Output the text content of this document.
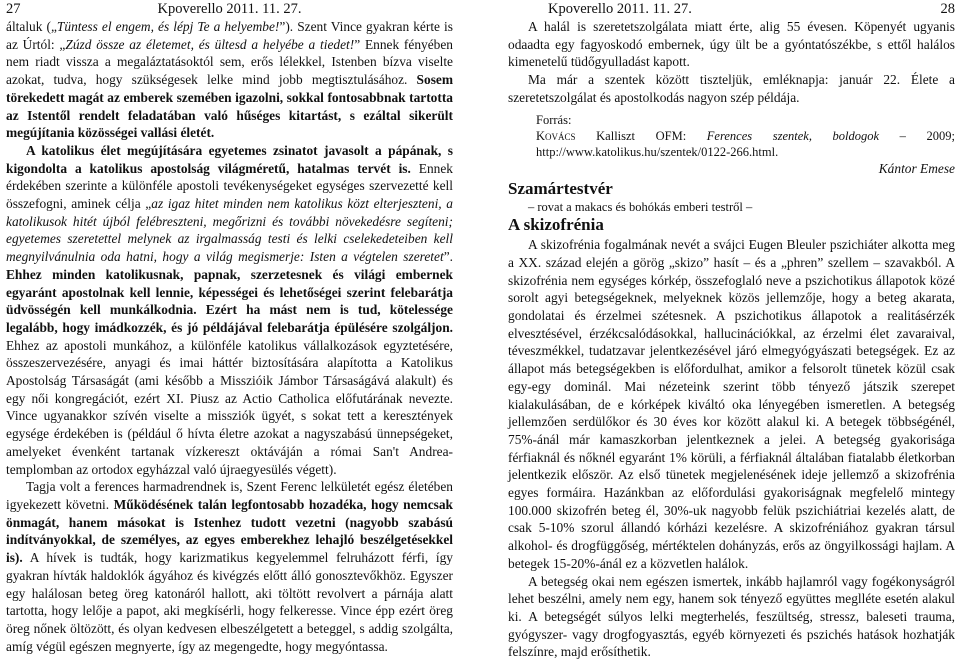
27	Kpoverello 2011. 11. 27.

általuk („Tüntess el engem, és lépj Te a helyembe!”). Szent Vince gyakran kérte is az Úrtól: „Zúzd össze az életemet, és ültesd a helyébe a tiedet!” Ennek fényében nem riadt vissza a megaláztatásoktól sem, erős lélekkel, Istenben bízva viselte azokat, tudva, hogy szükségesek lelke mind jobb megtisztulásához. Sosem törekedett magát az emberek szemében igazolni, sokkal fontosabbnak tartotta az Istentől rendelt feladatában való hűséges kitartást, s ezáltal sikerült megújítania közösségei vallási életét.

A katolikus élet megújítására egyetemes zsinatot javasolt a pápának, s kigondolta a katolikus apostolság világméretű, hatalmas tervét is. Ennek érdekében szerinte a különféle apostoli tevékenységeket egységes szervezetté kell összefogni, aminek célja „az igaz hitet minden nem katolikus közt elterjeszteni, a katolikusok hitét újból felébreszteni, megőrizni és további növekedésre segíteni; egyetemes szeretettel melynek az irgalmasság testi és lelki cselekedeteiben kell megnyilvánulnia oda hatni, hogy a világ megismerje: Isten a végtelen szeretet”. Ehhez minden katolikusnak, papnak, szerzetesnek és világi embernek egyaránt apostolnak kell lennie, képességei és lehetőségei szerint felebarátja üdvösségén kell munkálkodnia. Ezért ha mást nem is tud, kötelessége legalább, hogy imádkozzék, és jó példájával felebarátja épülésére szolgáljon. Ehhez az apostoli munkához, a különféle katolikus vállalkozások egyztetésére, összeszervezésére, anyagi és imai háttér biztosítására alapította a Katolikus Apostolság Társaságát (ami később a Misszióik Jámbor Társaságává alakult) és egy női kongregációt, ezért XI. Piusz az Actio Catholica előfutárának nevezte. Vince ugyanakkor szívén viselte a missziók ügyét, s sokat tett a keresztények egysége érdekében is (például ő hívta életre azokat a nagyszabású ünnepségeket, amelyeket évenként tartanak vízkereszt oktáváján a római San't Andrea-templomban az ortodox egyházzal való újraegyesülés végett).

Tagja volt a ferences harmadrendnek is, Szent Ferenc lelkületét egész életében igyekezett követni. Működésének talán legfontosabb hozadéka, hogy nemcsak önmagát, hanem másokat is Istenhez tudott vezetni (nagyobb szabású indítványokkal, de személyes, az egyes emberekhez lehajló beszélgetésekkel is). A hívek is tudták, hogy karizmatikus kegyelemmel felruházott férfi, így gyakran hívták haldoklók ágyához és kivégzés előtt álló gonosztevőkhöz. Egyszer egy halálosan beteg öreg katonáról hallott, aki töltött revolvert a párnája alatt tartotta, hogy lelője a papot, aki megkísérli, hogy felkeresse. Vince épp ezért öreg öreg nőnek öltözött, és olyan kedvesen elbeszélgetett a beteggel, s addig szolgálta, amíg végül egészen megnyerte, így az megengedte, hogy megyóntassa.

Kpoverello 2011. 11. 27.	28

A halál is szeretetszolgálata miatt érte, alig 55 évesen. Köpenyét ugyanis odaadta egy fagyoskodó embernek, úgy ült be a gyóntatószékbe, s ettől halálos kimenetelű tüdőgyulladást kapott.

Ma már a szentek között tiszteljük, emléknapja: január 22. Élete a szeretetszolgálat és apostolkodás nagyon szép példája.

Forrás:
Kovács Kalliszt OFM: Ferences szentek, boldogok – 2009; http://www.katolikus.hu/szentek/0122-266.html.
Kántor Emese
Szamártestvér
– rovat a makacs és bohókás emberi testről –
A skizofrénia

A skizofrénia fogalmának nevét a svájci Eugen Bleuler pszichiáter alkotta meg a XX. század elején a görög „skizo” hasít – és a „phren” szellem – szavakból. A skizofrénia nem egységes kórkép, összefoglaló neve a pszichotikus állapotok közé sorolt agyi betegségeknek, melyeknek közös jellemzője, hogy a beteg akarata, gondolatai és érzelmei szétesnek. A pszichotikus állapotok a realitásérzék elvesztésével, érzékcsalódásokkal, hallucinációkkal, az érzelmi élet zavaraival, téveszmékkel, tudatzavar jelentkezésével járó elmegyógyászati betegségek. Ez az állapot más betegségekben is előfordulhat, amikor a felsorolt tünetek közül csak egy-egy dominál. Mai nézeteink szerint több tényező játszik szerepet kialakulásában, de e kórképek kiváltó oka lényegében ismeretlen. A betegség jellemzően serdülőkor és 30 éves kor között alakul ki. A betegek többségénél, 75%-ánál már kamaszkorban jelentkeznek a jelei. A betegség gyakorisága férfiaknál és nőknél egyaránt 1% körüli, a férfiaknál általában fiatalabb életkorban jelentkezik először. Az első tünetek megjelenésének ideje jellemző a skizofrénia egyes formáira. Hazánkban az előfordulási gyakoriságnak megfelelő mintegy 100.000 skizofrén beteg él, 30%-uk nagyobb felük pszichiátriai kezelés alatt, de csak 5-10% szorul állandó kórházi kezelésre. A skizofréniához gyakran társul alkohol- és drogfüggőség, mértéktelen dohányzás, erős az öngyilkossági hajlam. A betegek 15-20%-ánál ez a közvetlen halálok.

A betegség okai nem egészen ismertek, inkább hajlamról vagy fogékonyságról lehet beszélni, amely nem egy, hanem sok tényező együttes meglléte esetén alakul ki. A betegségét súlyos lelki megterhelés, feszültség, stressz, baleseti trauma, gyógyszer- vagy drogfogyasztás, egyéb környezeti és pszichés hatások hozhatják felszínre, majd erősíthetik.
